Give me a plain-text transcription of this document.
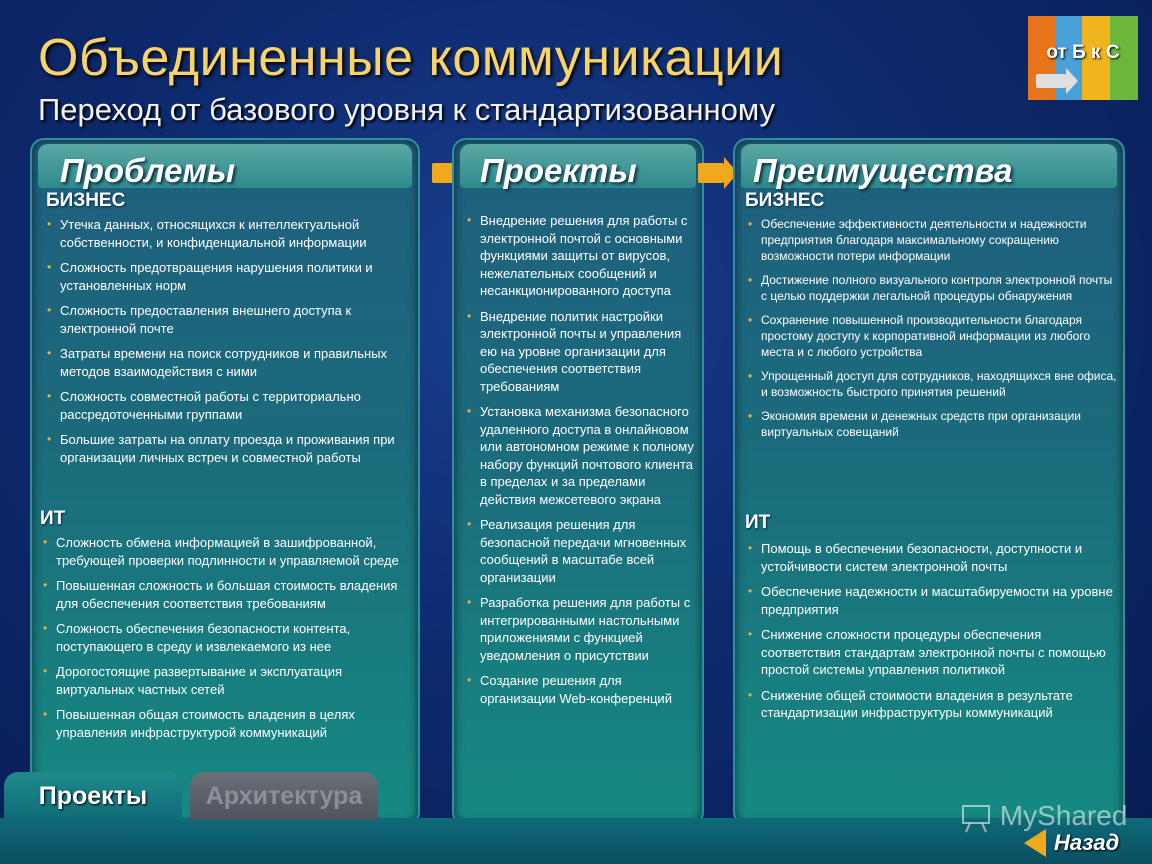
Объединенные коммуникации
Переход от базового уровня к стандартизованному
от Б к С
Проблемы
БИЗНЕС
• Утечка данных, относящихся к интеллектуальной собственности, и конфиденциальной информации
• Сложность предотвращения нарушения политики и установленных норм
• Сложность предоставления внешнего доступа к электронной почте
• Затраты времени на поиск сотрудников и правильных методов взаимодействия с ними
• Сложность совместной работы с территориально рассредоточенными группами
• Большие затраты на оплату проезда и проживания при организации личных встреч и совместной работы
ИТ
• Сложность обмена информацией в зашифрованной, требующей проверки подлинности и управляемой среде
• Повышенная сложность и большая стоимость владения для обеспечения соответствия требованиям
• Сложность обеспечения безопасности контента, поступающего в среду и извлекаемого из нее
• Дорогостоящие развертывание и эксплуатация виртуальных частных сетей
• Повышенная общая стоимость владения в целях управления инфраструктурой коммуникаций
Проекты
• Внедрение решения для работы с электронной почтой с основными функциями защиты от вирусов, нежелательных сообщений и несанкционированного доступа
• Внедрение политик настройки электронной почты и управления ею на уровне организации для обеспечения соответствия требованиям
• Установка механизма безопасного удаленного доступа в онлайновом или автономном режиме к полному набору функций почтового клиента в пределах и за пределами действия межсетевого экрана
• Реализация решения для безопасной передачи мгновенных сообщений в масштабе всей организации
• Разработка решения для работы с интегрированными настольными приложениями с функцией уведомления о присутствии
• Создание решения для организации Web-конференций
Преимущества
БИЗНЕС
• Обеспечение эффективности деятельности и надежности предприятия благодаря максимальному сокращению возможности потери информации
• Достижение полного визуального контроля электронной почты с целью поддержки легальной процедуры обнаружения
• Сохранение повышенной производительности благодаря простому доступу к корпоративной информации из любого места и с любого устройства
• Упрощенный доступ для сотрудников, находящихся вне офиса, и возможность быстрого принятия решений
• Экономия времени и денежных средств при организации виртуальных совещаний
ИТ
• Помощь в обеспечении безопасности, доступности и устойчивости систем электронной почты
• Обеспечение надежности и масштабируемости на уровне предприятия
• Снижение сложности процедуры обеспечения соответствия стандартам электронной почты с помощью простой системы управления политикой
• Снижение общей стоимости владения в результате стандартизации инфраструктуры коммуникаций
Проекты	Архитектура
MyShared
Назад
